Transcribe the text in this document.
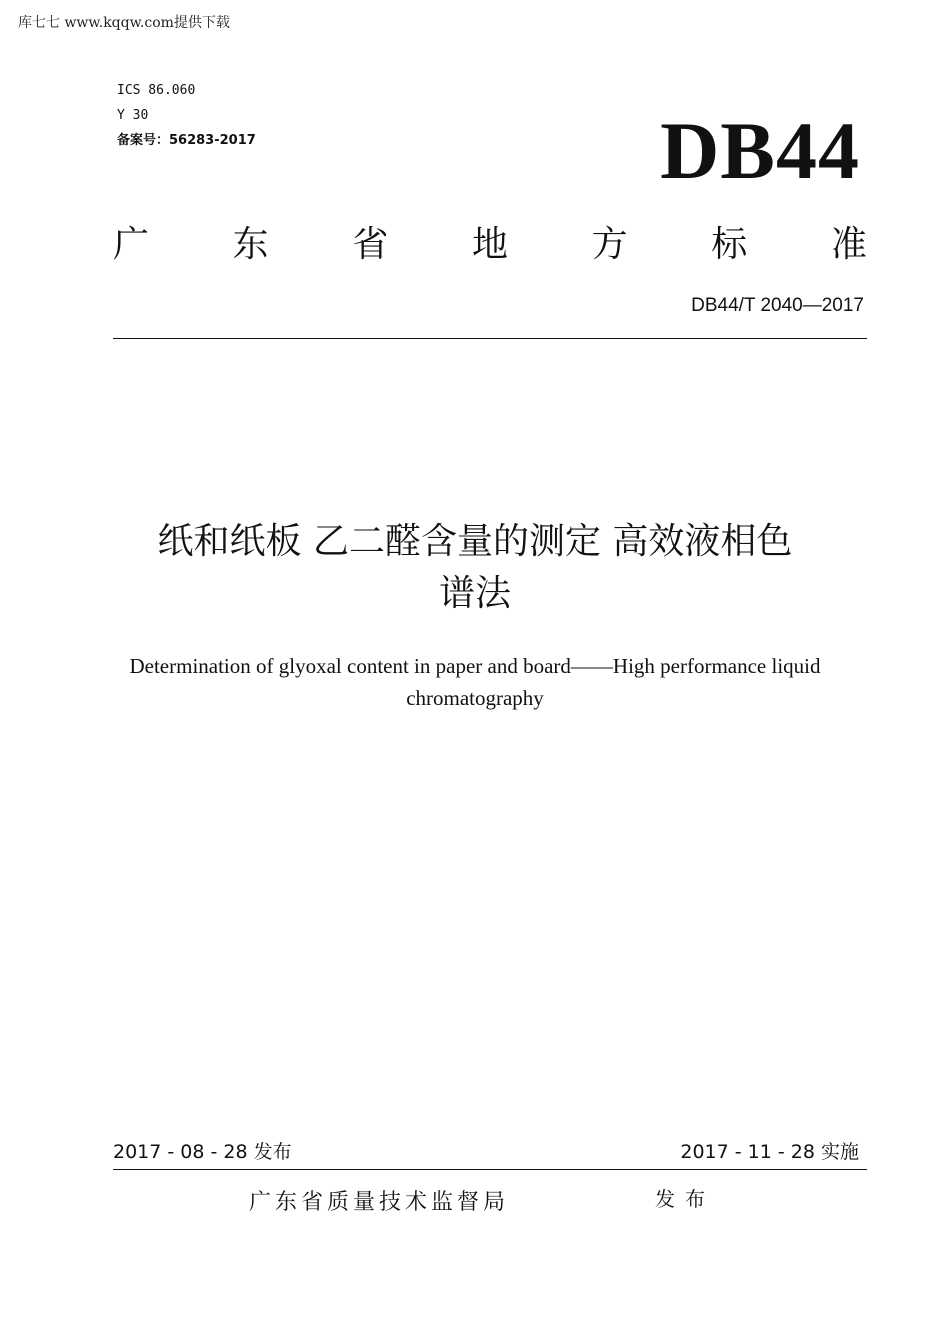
库七七 www.kqqw.com提供下载
ICS 86.060
Y 30
备案号：56283-2017	DB44
广 东 省 地 方 标 准
DB44/T 2040—2017
纸和纸板 乙二醛含量的测定 高效液相色
谱法
Determination of glyoxal content in paper and board——High performance liquid
chromatography
2017 - 08 - 28 发布	2017 - 11 - 28 实施
广东省质量技术监督局	发布
